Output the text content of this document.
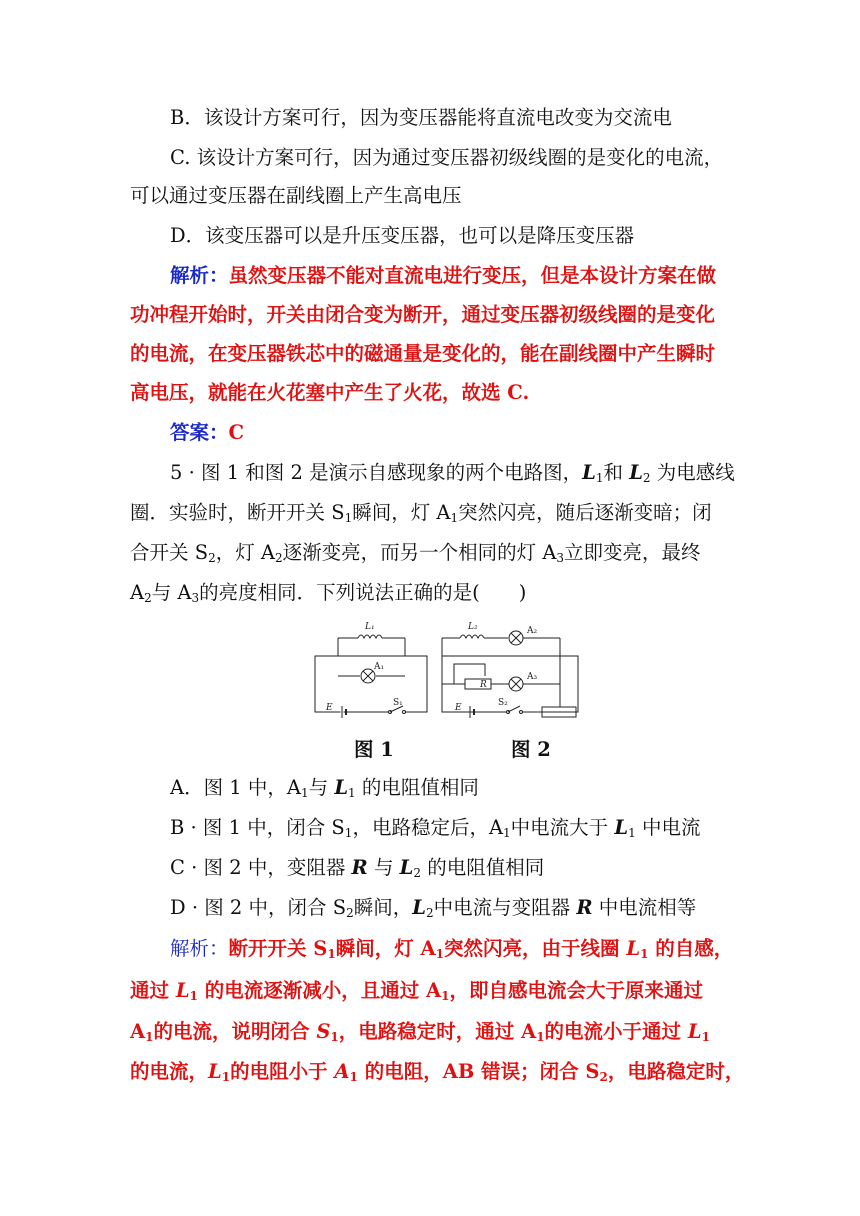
B．该设计方案可行，因为变压器能将直流电改变为交流电
C. 该设计方案可行，因为通过变压器初级线圈的是变化的电流，
可以通过变压器在副线圈上产生高电压
D．该变压器可以是升压变压器，也可以是降压变压器
解析：虽然变压器不能对直流电进行变压，但是本设计方案在做
功冲程开始时，开关由闭合变为断开，通过变压器初级线圈的是变化
的电流，在变压器铁芯中的磁通量是变化的，能在副线圈中产生瞬时
高电压，就能在火花塞中产生了火花，故选 C.
答案：C
5 · 图 1 和图 2 是演示自感现象的两个电路图，$L_1$和 $L_2$ 为电感线
圈．实验时，断开开关 $S_1$瞬间，灯 $A_1$突然闪亮，随后逐渐变暗；闭
合开关 $S_2$，灯 $A_2$逐渐变亮，而另一个相同的灯 $A_3$立即变亮，最终
$A_2$与 $A_3$的亮度相同．下列说法正确的是(　　)
L₁
A₁
E	S₁
L₂	A₂
R
A₃
E	S₂
图 1	图 2
A．图 1 中，$A_1$与 $L_1$ 的电阻值相同
B · 图 1 中，闭合 $S_1$，电路稳定后，$A_1$中电流大于 $L_1$ 中电流
C · 图 2 中，变阻器 R 与 $L_2$ 的电阻值相同
D · 图 2 中，闭合 $S_2$瞬间，$L_2$中电流与变阻器 R 中电流相等
解析：断开开关 $S_1$瞬间，灯 $A_1$突然闪亮，由于线圈 $L_1$ 的自感，
通过 $L_1$ 的电流逐渐减小，且通过 $A_1$，即自感电流会大于原来通过
$A_1$的电流，说明闭合 $S_1$，电路稳定时，通过 $A_1$的电流小于通过 $L_1$
的电流，$L_1$的电阻小于 $A_1$ 的电阻，AB 错误；闭合 $S_2$，电路稳定时，
